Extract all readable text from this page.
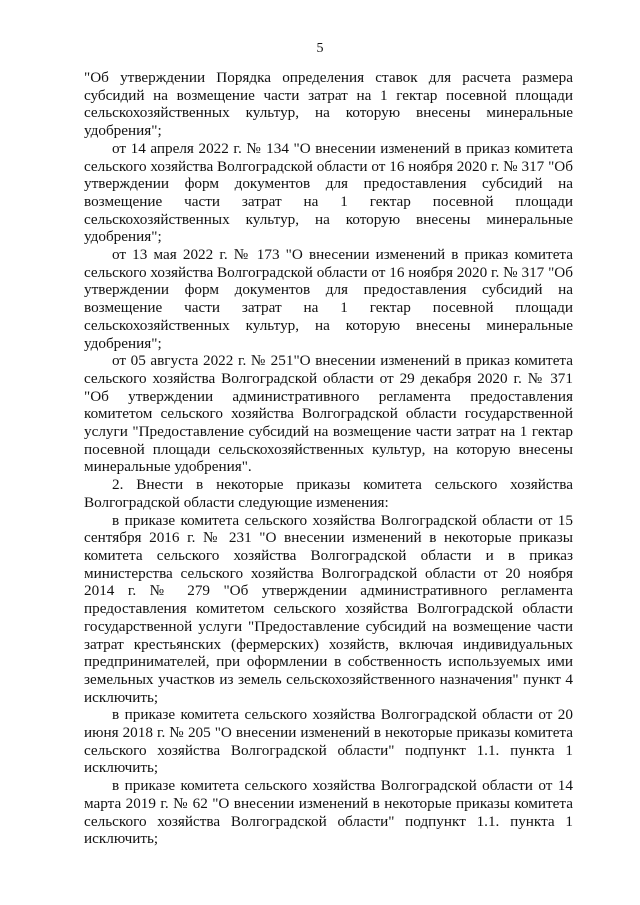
5

"Об утверждении Порядка определения ставок для расчета размера субсидий на возмещение части затрат на 1 гектар посевной площади сельскохозяйственных культур, на которую внесены минеральные удобрения";

от 14 апреля 2022 г. № 134 "О внесении изменений в приказ комитета сельского хозяйства Волгоградской области от 16 ноября 2020 г. № 317 "Об утверждении форм документов для предоставления субсидий на возмещение части затрат на 1 гектар посевной площади сельскохозяйственных культур, на которую внесены минеральные удобрения";

от 13 мая 2022 г. № 173 "О внесении изменений в приказ комитета сельского хозяйства Волгоградской области от 16 ноября 2020 г. № 317 "Об утверждении форм документов для предоставления субсидий на возмещение части затрат на 1 гектар посевной площади сельскохозяйственных культур, на которую внесены минеральные удобрения";

от 05 августа 2022 г. № 251"О внесении изменений в приказ комитета сельского хозяйства Волгоградской области от 29 декабря 2020 г. № 371 "Об утверждении административного регламента предоставления комитетом сельского хозяйства Волгоградской области государственной услуги "Предоставление субсидий на возмещение части затрат на 1 гектар посевной площади сельскохозяйственных культур, на которую внесены минеральные удобрения".

2. Внести в некоторые приказы комитета сельского хозяйства Волгоградской области следующие изменения:

в приказе комитета сельского хозяйства Волгоградской области от 15 сентября 2016 г. № 231 "О внесении изменений в некоторые приказы комитета сельского хозяйства Волгоградской области и в приказ министерства сельского хозяйства Волгоградской области от 20 ноября 2014 г. № 279 "Об утверждении административного регламента предоставления комитетом сельского хозяйства Волгоградской области государственной услуги "Предоставление субсидий на возмещение части затрат крестьянских (фермерских) хозяйств, включая индивидуальных предпринимателей, при оформлении в собственность используемых ими земельных участков из земель сельскохозяйственного назначения" пункт 4 исключить;

в приказе комитета сельского хозяйства Волгоградской области от 20 июня 2018 г. № 205 "О внесении изменений в некоторые приказы комитета сельского хозяйства Волгоградской области" подпункт 1.1. пункта 1 исключить;

в приказе комитета сельского хозяйства Волгоградской области от 14 марта 2019 г. № 62 "О внесении изменений в некоторые приказы комитета сельского хозяйства Волгоградской области" подпункт 1.1. пункта 1 исключить;
